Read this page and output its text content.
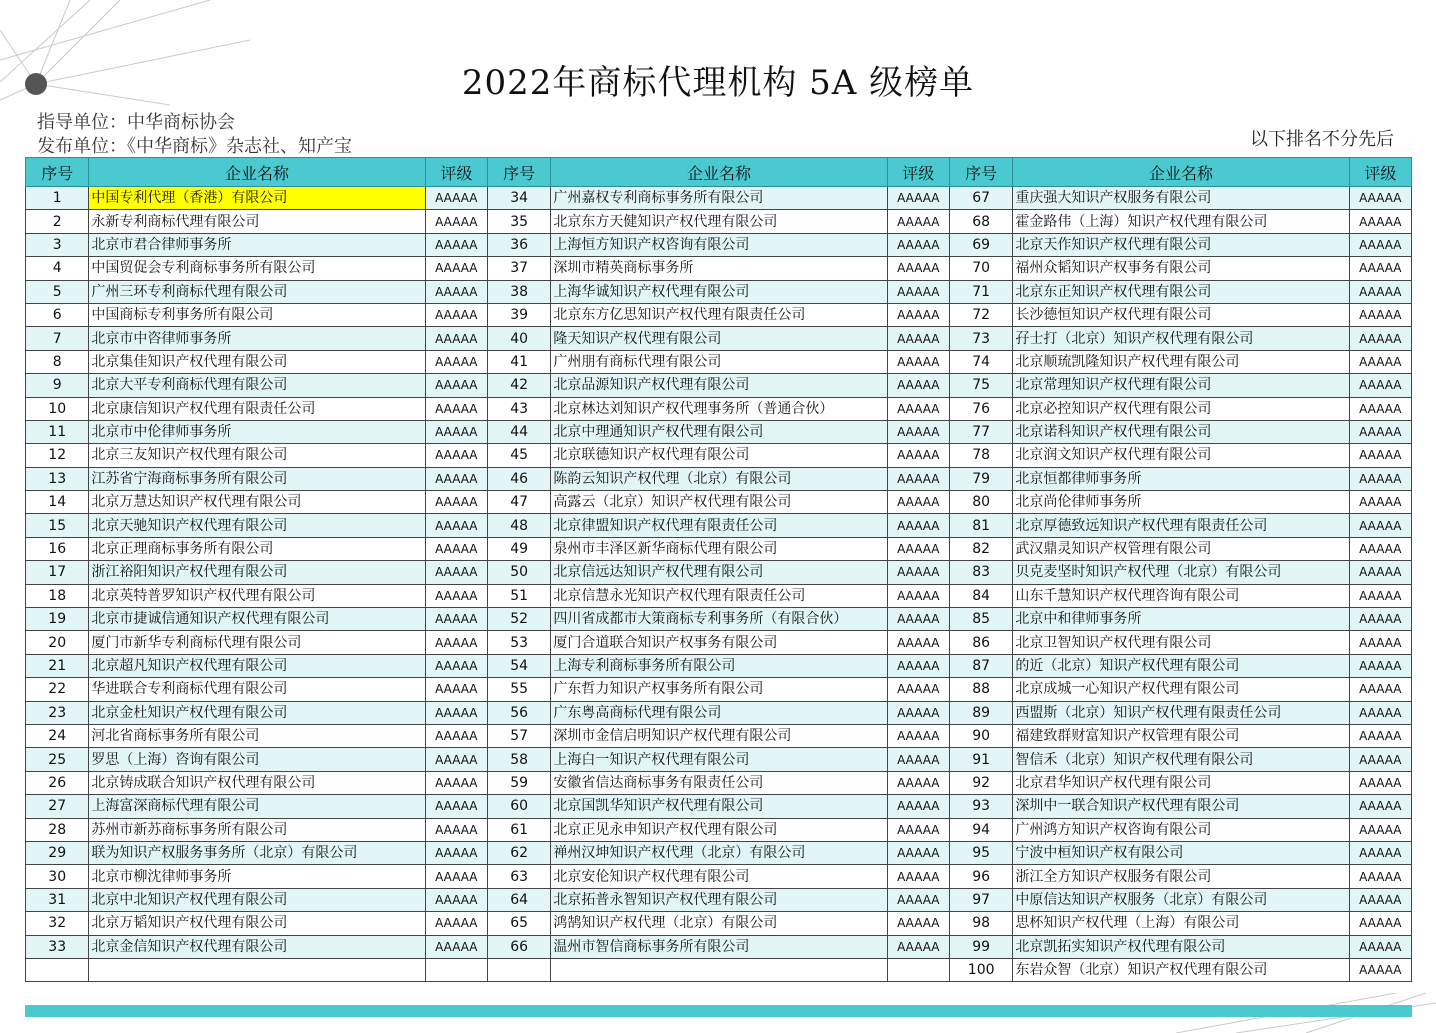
2022年商标代理机构 5A 级榜单
指导单位：中华商标协会
发布单位：《中华商标》杂志社、知产宝	以下排名不分先后
序号	企业名称	评级	序号	企业名称	评级	序号	企业名称	评级
1	中国专利代理（香港）有限公司	AAAAA	34	广州嘉权专利商标事务所有限公司	AAAAA	67	重庆强大知识产权服务有限公司	AAAAA
2	永新专利商标代理有限公司	AAAAA	35	北京东方天健知识产权代理有限公司	AAAAA	68	霍金路伟（上海）知识产权代理有限公司	AAAAA
3	北京市君合律师事务所	AAAAA	36	上海恒方知识产权咨询有限公司	AAAAA	69	北京天作知识产权代理有限公司	AAAAA
4	中国贸促会专利商标事务所有限公司	AAAAA	37	深圳市精英商标事务所	AAAAA	70	福州众韬知识产权事务有限公司	AAAAA
5	广州三环专利商标代理有限公司	AAAAA	38	上海华诚知识产权代理有限公司	AAAAA	71	北京东正知识产权代理有限公司	AAAAA
6	中国商标专利事务所有限公司	AAAAA	39	北京东方亿思知识产权代理有限责任公司	AAAAA	72	长沙德恒知识产权代理有限公司	AAAAA
7	北京市中咨律师事务所	AAAAA	40	隆天知识产权代理有限公司	AAAAA	73	孖士打（北京）知识产权代理有限公司	AAAAA
8	北京集佳知识产权代理有限公司	AAAAA	41	广州朋有商标代理有限公司	AAAAA	74	北京顺琉凯隆知识产权代理有限公司	AAAAA
9	北京大平专利商标代理有限公司	AAAAA	42	北京品源知识产权代理有限公司	AAAAA	75	北京常理知识产权代理有限公司	AAAAA
10	北京康信知识产权代理有限责任公司	AAAAA	43	北京林达刘知识产权代理事务所（普通合伙）	AAAAA	76	北京必控知识产权代理有限公司	AAAAA
11	北京市中伦律师事务所	AAAAA	44	北京中理通知识产权代理有限公司	AAAAA	77	北京诺科知识产权代理有限公司	AAAAA
12	北京三友知识产权代理有限公司	AAAAA	45	北京联德知识产权代理有限公司	AAAAA	78	北京润文知识产权代理有限公司	AAAAA
13	江苏省宁海商标事务所有限公司	AAAAA	46	陈韵云知识产权代理（北京）有限公司	AAAAA	79	北京恒都律师事务所	AAAAA
14	北京万慧达知识产权代理有限公司	AAAAA	47	高露云（北京）知识产权代理有限公司	AAAAA	80	北京尚伦律师事务所	AAAAA
15	北京天驰知识产权代理有限公司	AAAAA	48	北京律盟知识产权代理有限责任公司	AAAAA	81	北京厚德致远知识产权代理有限责任公司	AAAAA
16	北京正理商标事务所有限公司	AAAAA	49	泉州市丰泽区新华商标代理有限公司	AAAAA	82	武汉鼎灵知识产权管理有限公司	AAAAA
17	浙江裕阳知识产权代理有限公司	AAAAA	50	北京信远达知识产权代理有限公司	AAAAA	83	贝克麦坚时知识产权代理（北京）有限公司	AAAAA
18	北京英特普罗知识产权代理有限公司	AAAAA	51	北京信慧永光知识产权代理有限责任公司	AAAAA	84	山东千慧知识产权代理咨询有限公司	AAAAA
19	北京市捷诚信通知识产权代理有限公司	AAAAA	52	四川省成都市大策商标专利事务所（有限合伙）	AAAAA	85	北京中和律师事务所	AAAAA
20	厦门市新华专利商标代理有限公司	AAAAA	53	厦门合道联合知识产权事务有限公司	AAAAA	86	北京卫智知识产权代理有限公司	AAAAA
21	北京超凡知识产权代理有限公司	AAAAA	54	上海专利商标事务所有限公司	AAAAA	87	的近（北京）知识产权代理有限公司	AAAAA
22	华进联合专利商标代理有限公司	AAAAA	55	广东哲力知识产权事务所有限公司	AAAAA	88	北京成城一心知识产权代理有限公司	AAAAA
23	北京金杜知识产权代理有限公司	AAAAA	56	广东粤高商标代理有限公司	AAAAA	89	西盟斯（北京）知识产权代理有限责任公司	AAAAA
24	河北省商标事务所有限公司	AAAAA	57	深圳市金信启明知识产权代理有限公司	AAAAA	90	福建致群财富知识产权管理有限公司	AAAAA
25	罗思（上海）咨询有限公司	AAAAA	58	上海白一知识产权代理有限公司	AAAAA	91	智信禾（北京）知识产权代理有限公司	AAAAA
26	北京铸成联合知识产权代理有限公司	AAAAA	59	安徽省信达商标事务有限责任公司	AAAAA	92	北京君华知识产权代理有限公司	AAAAA
27	上海富深商标代理有限公司	AAAAA	60	北京国凯华知识产权代理有限公司	AAAAA	93	深圳中一联合知识产权代理有限公司	AAAAA
28	苏州市新苏商标事务所有限公司	AAAAA	61	北京正见永申知识产权代理有限公司	AAAAA	94	广州鸿方知识产权咨询有限公司	AAAAA
29	联为知识产权服务事务所（北京）有限公司	AAAAA	62	禅州汉坤知识产权代理（北京）有限公司	AAAAA	95	宁波中桓知识产权有限公司	AAAAA
30	北京市柳沈律师事务所	AAAAA	63	北京安伦知识产权代理有限公司	AAAAA	96	浙江全方知识产权服务有限公司	AAAAA
31	北京中北知识产权代理有限公司	AAAAA	64	北京拓普永智知识产权代理有限公司	AAAAA	97	中原信达知识产权服务（北京）有限公司	AAAAA
32	北京万韬知识产权代理有限公司	AAAAA	65	鸿鹄知识产权代理（北京）有限公司	AAAAA	98	思杯知识产权代理（上海）有限公司	AAAAA
33	北京金信知识产权代理有限公司	AAAAA	66	温州市智信商标事务所有限公司	AAAAA	99	北京凯拓实知识产权代理有限公司	AAAAA
						100	东岩众智（北京）知识产权代理有限公司	AAAAA
